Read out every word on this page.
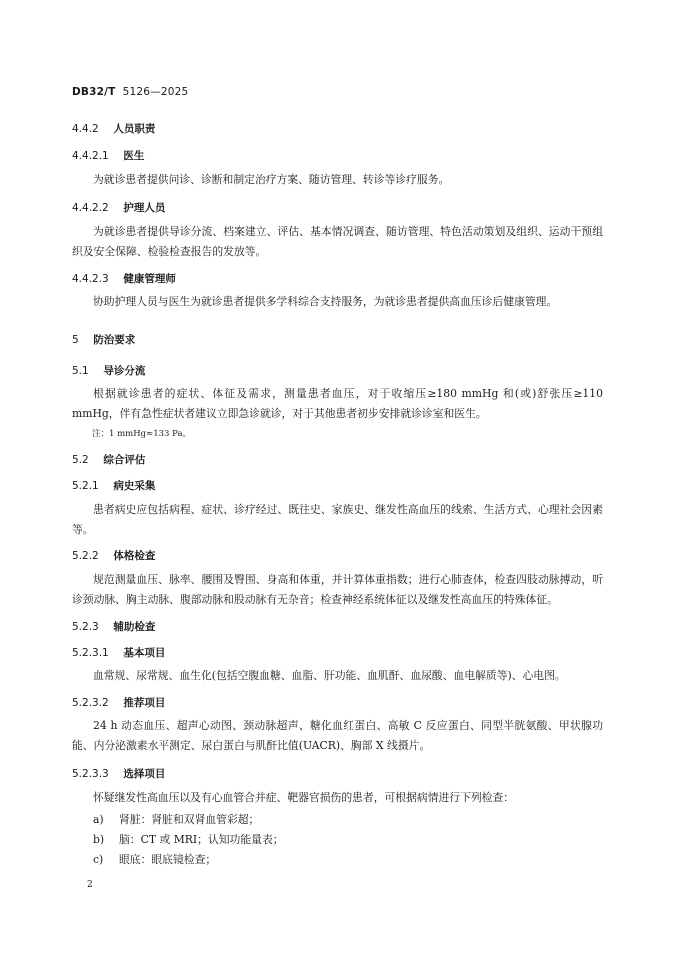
DB32/T 5126—2025
4.4.2 人员职责
4.4.2.1 医生
为就诊患者提供问诊、诊断和制定治疗方案、随访管理、转诊等诊疗服务。
4.4.2.2 护理人员
为就诊患者提供导诊分流、档案建立、评估、基本情况调查、随访管理、特色活动策划及组织、运动干预组织及安全保障、检验检查报告的发放等。
4.4.2.3 健康管理师
协助护理人员与医生为就诊患者提供多学科综合支持服务，为就诊患者提供高血压诊后健康管理。
5 防治要求
5.1 导诊分流
根据就诊患者的症状、体征及需求，测量患者血压，对于收缩压≥180 mmHg 和(或)舒张压≥110 mmHg，伴有急性症状者建议立即急诊就诊，对于其他患者初步安排就诊诊室和医生。
注：1 mmHg≈133 Pa。
5.2 综合评估
5.2.1 病史采集
患者病史应包括病程、症状、诊疗经过、既往史、家族史、继发性高血压的线索、生活方式、心理社会因素等。
5.2.2 体格检查
规范测量血压、脉率、腰围及臀围、身高和体重，并计算体重指数；进行心肺查体，检查四肢动脉搏动，听诊颈动脉、胸主动脉、腹部动脉和股动脉有无杂音；检查神经系统体征以及继发性高血压的特殊体征。
5.2.3 辅助检查
5.2.3.1 基本项目
血常规、尿常规、血生化(包括空腹血糖、血脂、肝功能、血肌酐、血尿酸、血电解质等)、心电图。
5.2.3.2 推荐项目
24 h 动态血压、超声心动图、颈动脉超声、糖化血红蛋白、高敏 C 反应蛋白、同型半胱氨酸、甲状腺功能、内分泌激素水平测定、尿白蛋白与肌酐比值(UACR)、胸部 X 线摄片。
5.2.3.3 选择项目
怀疑继发性高血压以及有心血管合并症、靶器官损伤的患者，可根据病情进行下列检查：
a) 肾脏：肾脏和双肾血管彩超；
b) 脑：CT 或 MRI；认知功能量表；
c) 眼底：眼底镜检查；
2
